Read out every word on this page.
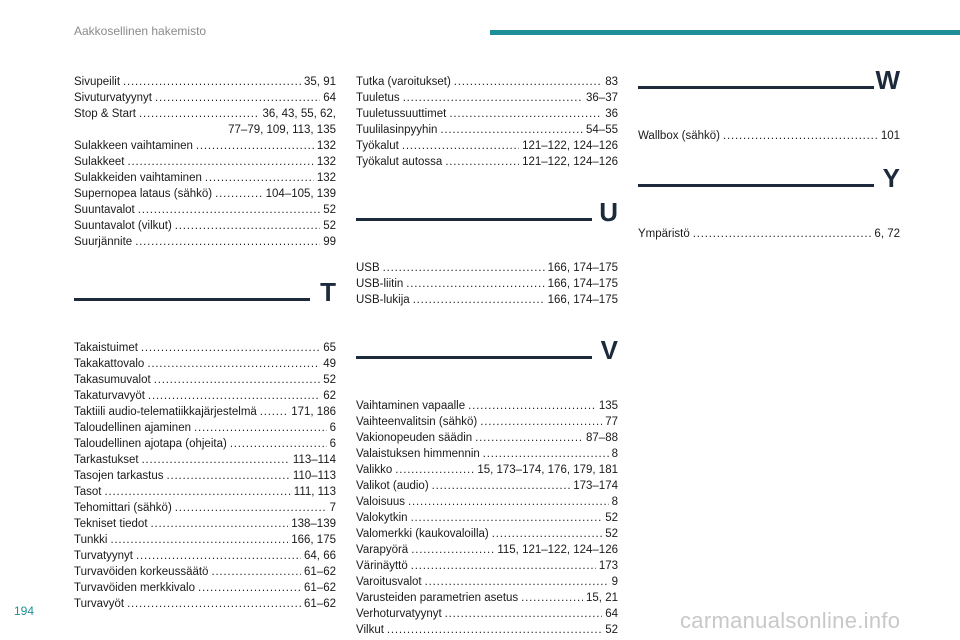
Aakkosellinen hakemisto
Sivupeilit . . .	35, 91
Sivuturvatyynyt . . .	64
Stop & Start . . .	36, 43, 55, 62,
77–79, 109, 113, 135
Sulakkeen vaihtaminen . . .	132
Sulakkeet . . .	132
Sulakkeiden vaihtaminen . . .	132
Supernopea lataus (sähkö) . . .	104–105, 139
Suuntavalot . . .	52
Suuntavalot (vilkut) . . .	52
Suurjännite . . .	99
T
Takaistuimet . . .	65
Takakattovalo . . .	49
Takasumuvalot . . .	52
Takaturvavyöt . . .	62
Taktiili audio-telematiikkajärjestelmä . . .	171, 186
Taloudellinen ajaminen . . .	6
Taloudellinen ajotapa (ohjeita) . . .	6
Tarkastukset . . .	113–114
Tasojen tarkastus . . .	110–113
Tasot . . .	111, 113
Tehomittari (sähkö) . . .	7
Tekniset tiedot . . .	138–139
Tunkki . . .	166, 175
Turvatyynyt . . .	64, 66
Turvavöiden korkeussäätö . . .	61–62
Turvavöiden merkkivalo . . .	61–62
Turvavyöt . . .	61–62
Tutka (varoitukset) . . .	83
Tuuletus . . .	36–37
Tuuletussuuttimet . . .	36
Tuulilasinpyyhin . . .	54–55
Työkalut . . .	121–122, 124–126
Työkalut autossa . . .	121–122, 124–126
U
USB . . .	166, 174–175
USB-liitin . . .	166, 174–175
USB-lukija . . .	166, 174–175
V
Vaihtaminen vapaalle . . .	135
Vaihteenvalitsin (sähkö) . . .	77
Vakionopeuden säädin . . .	87–88
Valaistuksen himmennin . . .	8
Valikko . . .	15, 173–174, 176, 179, 181
Valikot (audio) . . .	173–174
Valoisuus . . .	8
Valokytkin . . .	52
Valomerkki (kaukovaloilla) . . .	52
Varapyörä . . .	115, 121–122, 124–126
Värinäyttö . . .	173
Varoitusvalot . . .	9
Varusteiden parametrien asetus . . .	15, 21
Verhoturvatyynyt . . .	64
Vilkut . . .	52
W
Wallbox (sähkö) . . .	101
Y
Ympäristö . . .	6, 72
194	carmanualsonline.info
